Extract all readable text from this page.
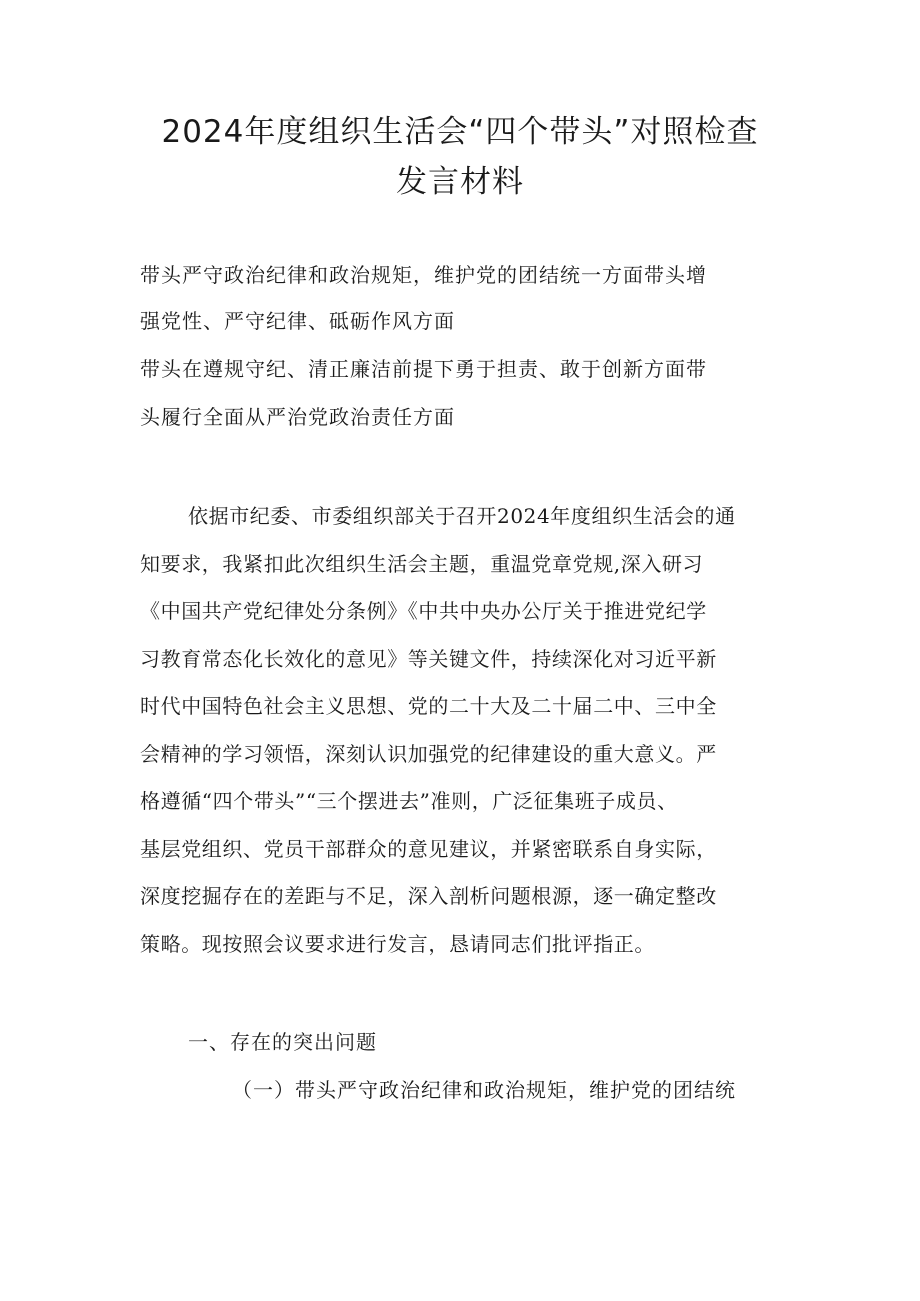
2024年度组织生活会“四个带头”对照检查
发言材料

带头严守政治纪律和政治规矩，维护党的团结统一方面带头增

强党性、严守纪律、砥砺作风方面

带头在遵规守纪、清正廉洁前提下勇于担责、敢于创新方面带

头履行全面从严治党政治责任方面

依据市纪委、市委组织部关于召开2024年度组织生活会的通

知要求，我紧扣此次组织生活会主题，重温党章党规,深入研习

《中国共产党纪律处分条例》《中共中央办公厅关于推进党纪学

习教育常态化长效化的意见》等关键文件，持续深化对习近平新

时代中国特色社会主义思想、党的二十大及二十届二中、三中全

会精神的学习领悟，深刻认识加强党的纪律建设的重大意义。严

格遵循“四个带头”“三个摆进去”准则，广泛征集班子成员、

基层党组织、党员干部群众的意见建议，并紧密联系自身实际，

深度挖掘存在的差距与不足，深入剖析问题根源，逐一确定整改

策略。现按照会议要求进行发言，恳请同志们批评指正。

一、存在的突出问题
（一）带头严守政治纪律和政治规矩，维护党的团结统
